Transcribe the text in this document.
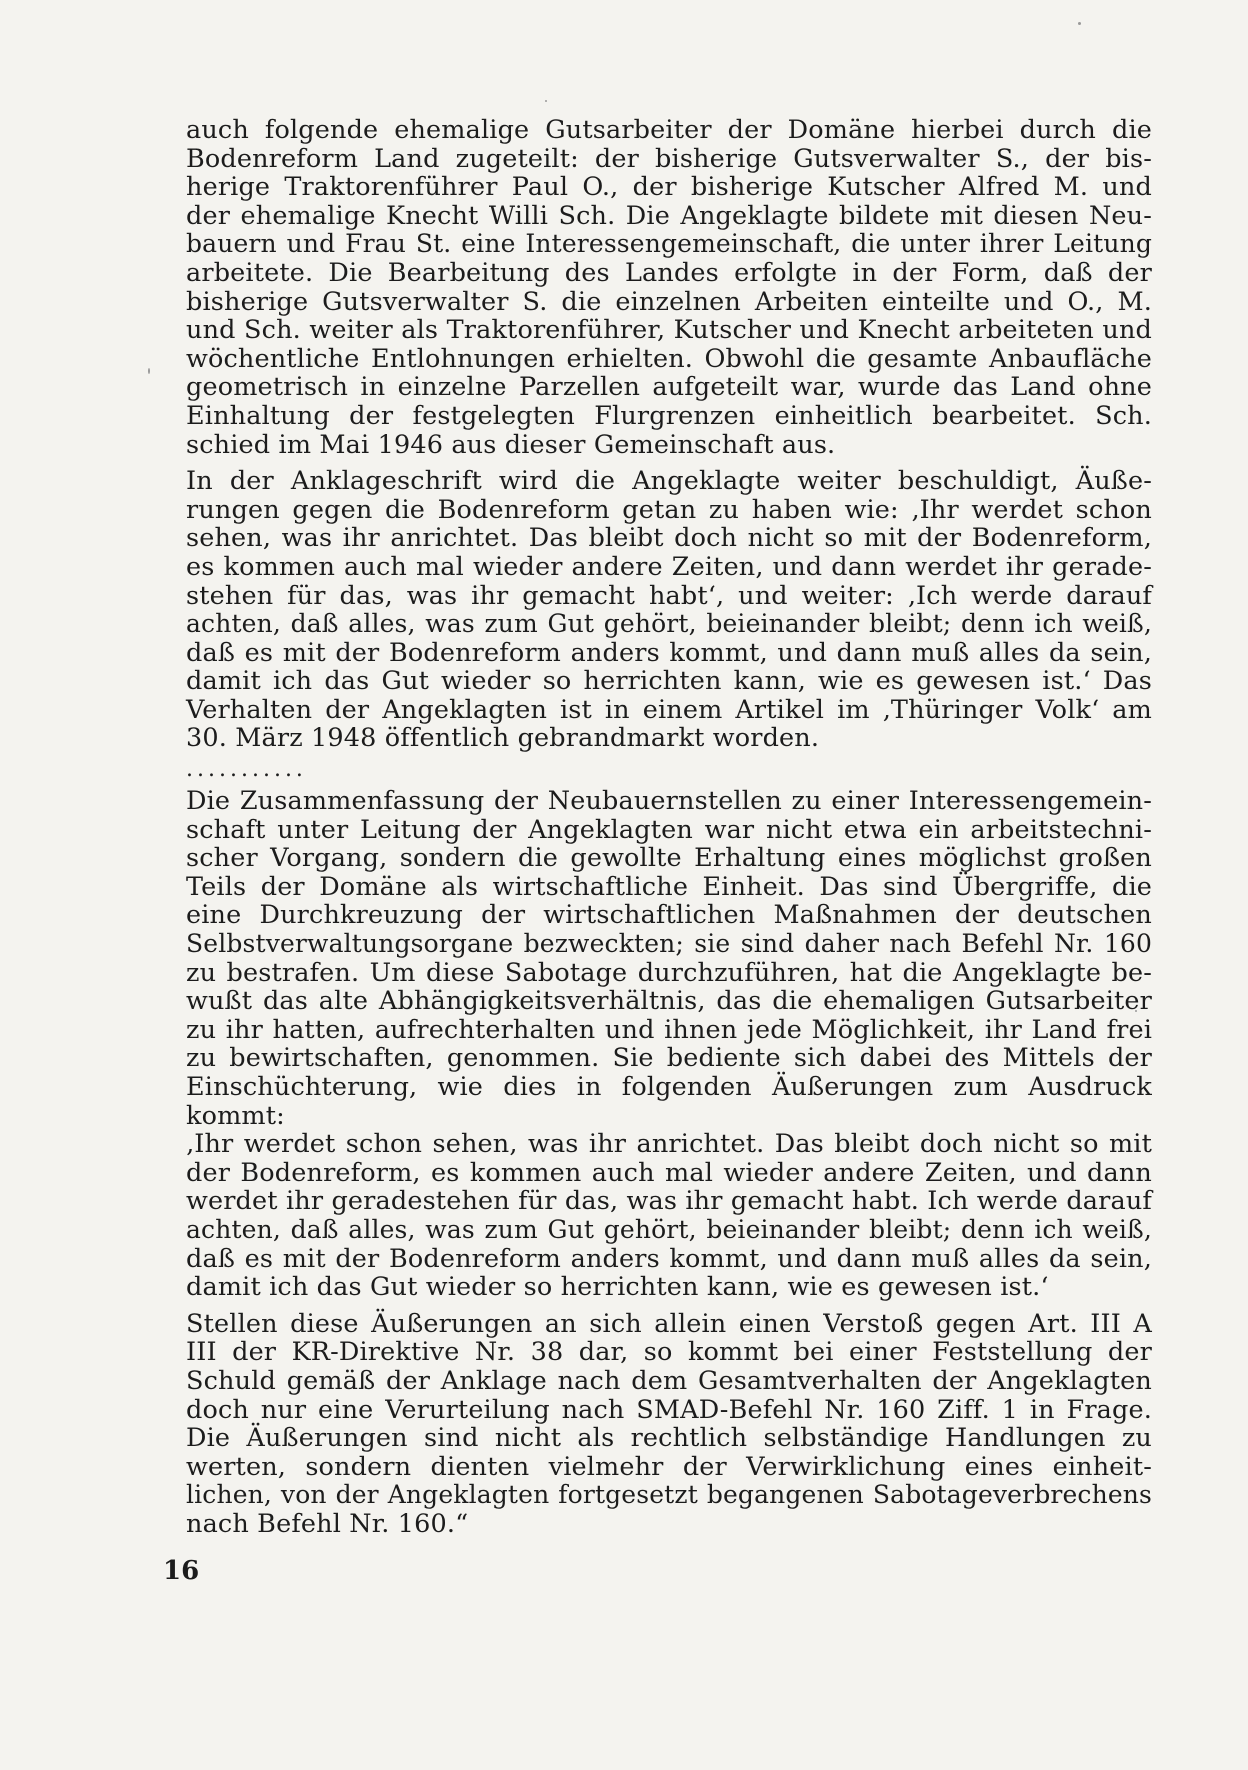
auch folgende ehemalige Gutsarbeiter der Domäne hierbei durch die
Bodenreform Land zugeteilt: der bisherige Gutsverwalter S., der bis-
herige Traktorenführer Paul O., der bisherige Kutscher Alfred M. und
der ehemalige Knecht Willi Sch. Die Angeklagte bildete mit diesen Neu-
bauern und Frau St. eine Interessengemeinschaft, die unter ihrer Leitung
arbeitete. Die Bearbeitung des Landes erfolgte in der Form, daß der
bisherige Gutsverwalter S. die einzelnen Arbeiten einteilte und O., M.
und Sch. weiter als Traktorenführer, Kutscher und Knecht arbeiteten und
wöchentliche Entlohnungen erhielten. Obwohl die gesamte Anbaufläche
geometrisch in einzelne Parzellen aufgeteilt war, wurde das Land ohne
Einhaltung der festgelegten Flurgrenzen einheitlich bearbeitet. Sch.
schied im Mai 1946 aus dieser Gemeinschaft aus.
In der Anklageschrift wird die Angeklagte weiter beschuldigt, Äuße-
rungen gegen die Bodenreform getan zu haben wie: ‚Ihr werdet schon
sehen, was ihr anrichtet. Das bleibt doch nicht so mit der Bodenreform,
es kommen auch mal wieder andere Zeiten, und dann werdet ihr gerade-
stehen für das, was ihr gemacht habt‘, und weiter: ‚Ich werde darauf
achten, daß alles, was zum Gut gehört, beieinander bleibt; denn ich weiß,
daß es mit der Bodenreform anders kommt, und dann muß alles da sein,
damit ich das Gut wieder so herrichten kann, wie es gewesen ist.‘ Das
Verhalten der Angeklagten ist in einem Artikel im ‚Thüringer Volk‘ am
30. März 1948 öffentlich gebrandmarkt worden.
...........
Die Zusammenfassung der Neubauernstellen zu einer Interessengemein-
schaft unter Leitung der Angeklagten war nicht etwa ein arbeitstechni-
scher Vorgang, sondern die gewollte Erhaltung eines möglichst großen
Teils der Domäne als wirtschaftliche Einheit. Das sind Übergriffe, die
eine Durchkreuzung der wirtschaftlichen Maßnahmen der deutschen
Selbstverwaltungsorgane bezweckten; sie sind daher nach Befehl Nr. 160
zu bestrafen. Um diese Sabotage durchzuführen, hat die Angeklagte be-
wußt das alte Abhängigkeitsverhältnis, das die ehemaligen Gutsarbeiter
zu ihr hatten, aufrechterhalten und ihnen jede Möglichkeit, ihr Land frei
zu bewirtschaften, genommen. Sie bediente sich dabei des Mittels der
Einschüchterung, wie dies in folgenden Äußerungen zum Ausdruck
kommt:
‚Ihr werdet schon sehen, was ihr anrichtet. Das bleibt doch nicht so mit
der Bodenreform, es kommen auch mal wieder andere Zeiten, und dann
werdet ihr geradestehen für das, was ihr gemacht habt. Ich werde darauf
achten, daß alles, was zum Gut gehört, beieinander bleibt; denn ich weiß,
daß es mit der Bodenreform anders kommt, und dann muß alles da sein,
damit ich das Gut wieder so herrichten kann, wie es gewesen ist.‘
Stellen diese Äußerungen an sich allein einen Verstoß gegen Art. III A
III der KR-Direktive Nr. 38 dar, so kommt bei einer Feststellung der
Schuld gemäß der Anklage nach dem Gesamtverhalten der Angeklagten
doch nur eine Verurteilung nach SMAD-Befehl Nr. 160 Ziff. 1 in Frage.
Die Äußerungen sind nicht als rechtlich selbständige Handlungen zu
werten, sondern dienten vielmehr der Verwirklichung eines einheit-
lichen, von der Angeklagten fortgesetzt begangenen Sabotageverbrechens
nach Befehl Nr. 160.“
16
